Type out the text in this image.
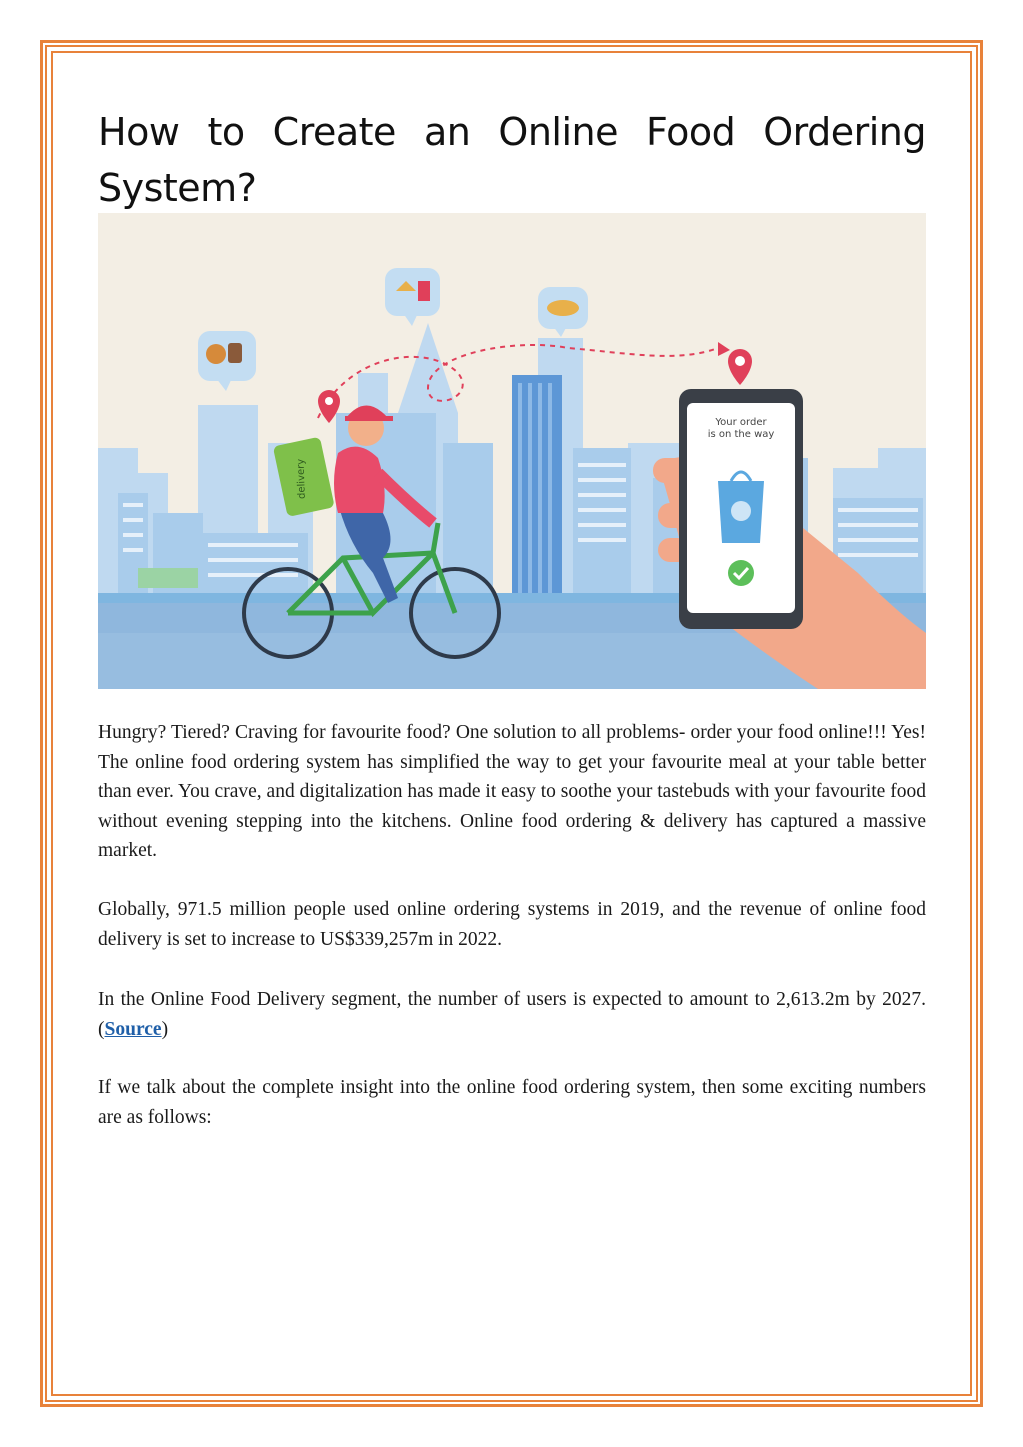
How to Create an Online Food Ordering System?
delivery
Your order
is on the way

Hungry? Tiered? Craving for favourite food? One solution to all problems- order your food online!!! Yes! The online food ordering system has simplified the way to get your favourite meal at your table better than ever. You crave, and digitalization has made it easy to soothe your tastebuds with your favourite food without evening stepping into the kitchens. Online food ordering & delivery has captured a massive market.

Globally, 971.5 million people used online ordering systems in 2019, and the revenue of online food delivery is set to increase to US$339,257m in 2022.

In the Online Food Delivery segment, the number of users is expected to amount to 2,613.2m by 2027. (Source)

If we talk about the complete insight into the online food ordering system, then some exciting numbers are as follows:
